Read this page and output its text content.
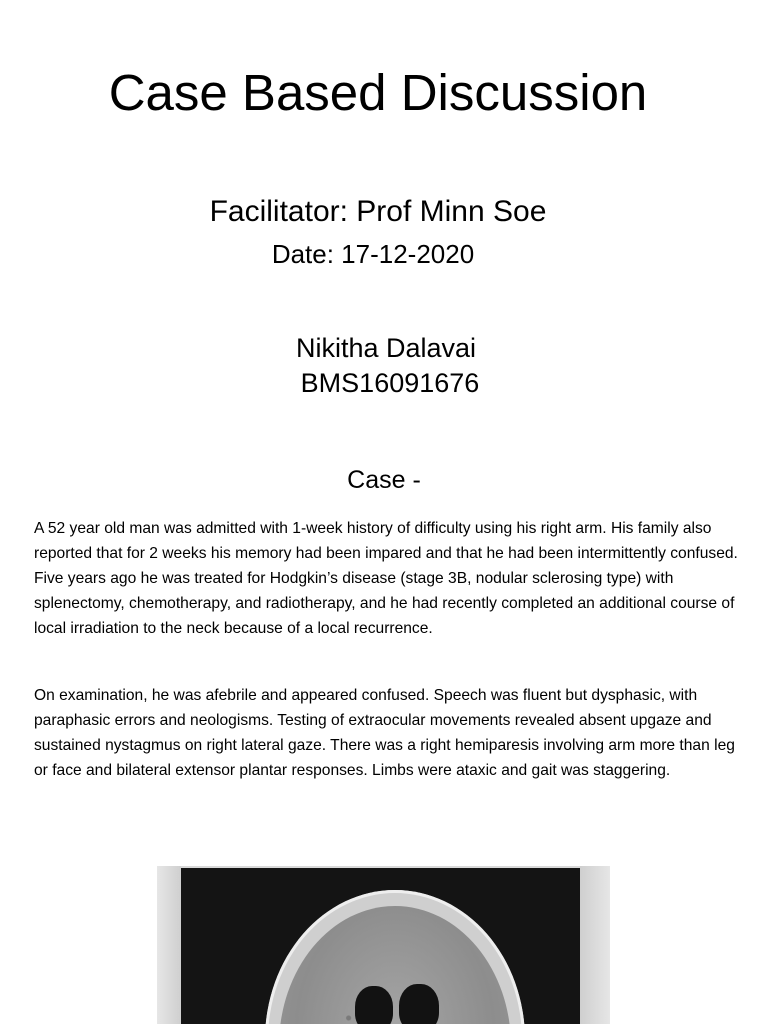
Case Based Discussion
Facilitator: Prof Minn Soe
Date: 17-12-2020
Nikitha Dalavai
BMS16091676
Case -

A 52 year old man was admitted with 1-week history of difficulty using his right arm. His family also reported that for 2 weeks his memory had been impared and that he had been intermittently confused. Five years ago he was treated for Hodgkin’s disease (stage 3B, nodular sclerosing type) with splenectomy, chemotherapy, and radiotherapy, and he had recently completed an additional course of local irradiation to the neck because of a local recurrence.

On examination, he was afebrile and appeared confused. Speech was fluent but dysphasic, with paraphasic errors and neologisms. Testing of extraocular movements revealed absent upgaze and sustained nystagmus on right lateral gaze. There was a right hemiparesis involving arm more than leg or face and bilateral extensor plantar responses. Limbs were ataxic and gait was staggering.
